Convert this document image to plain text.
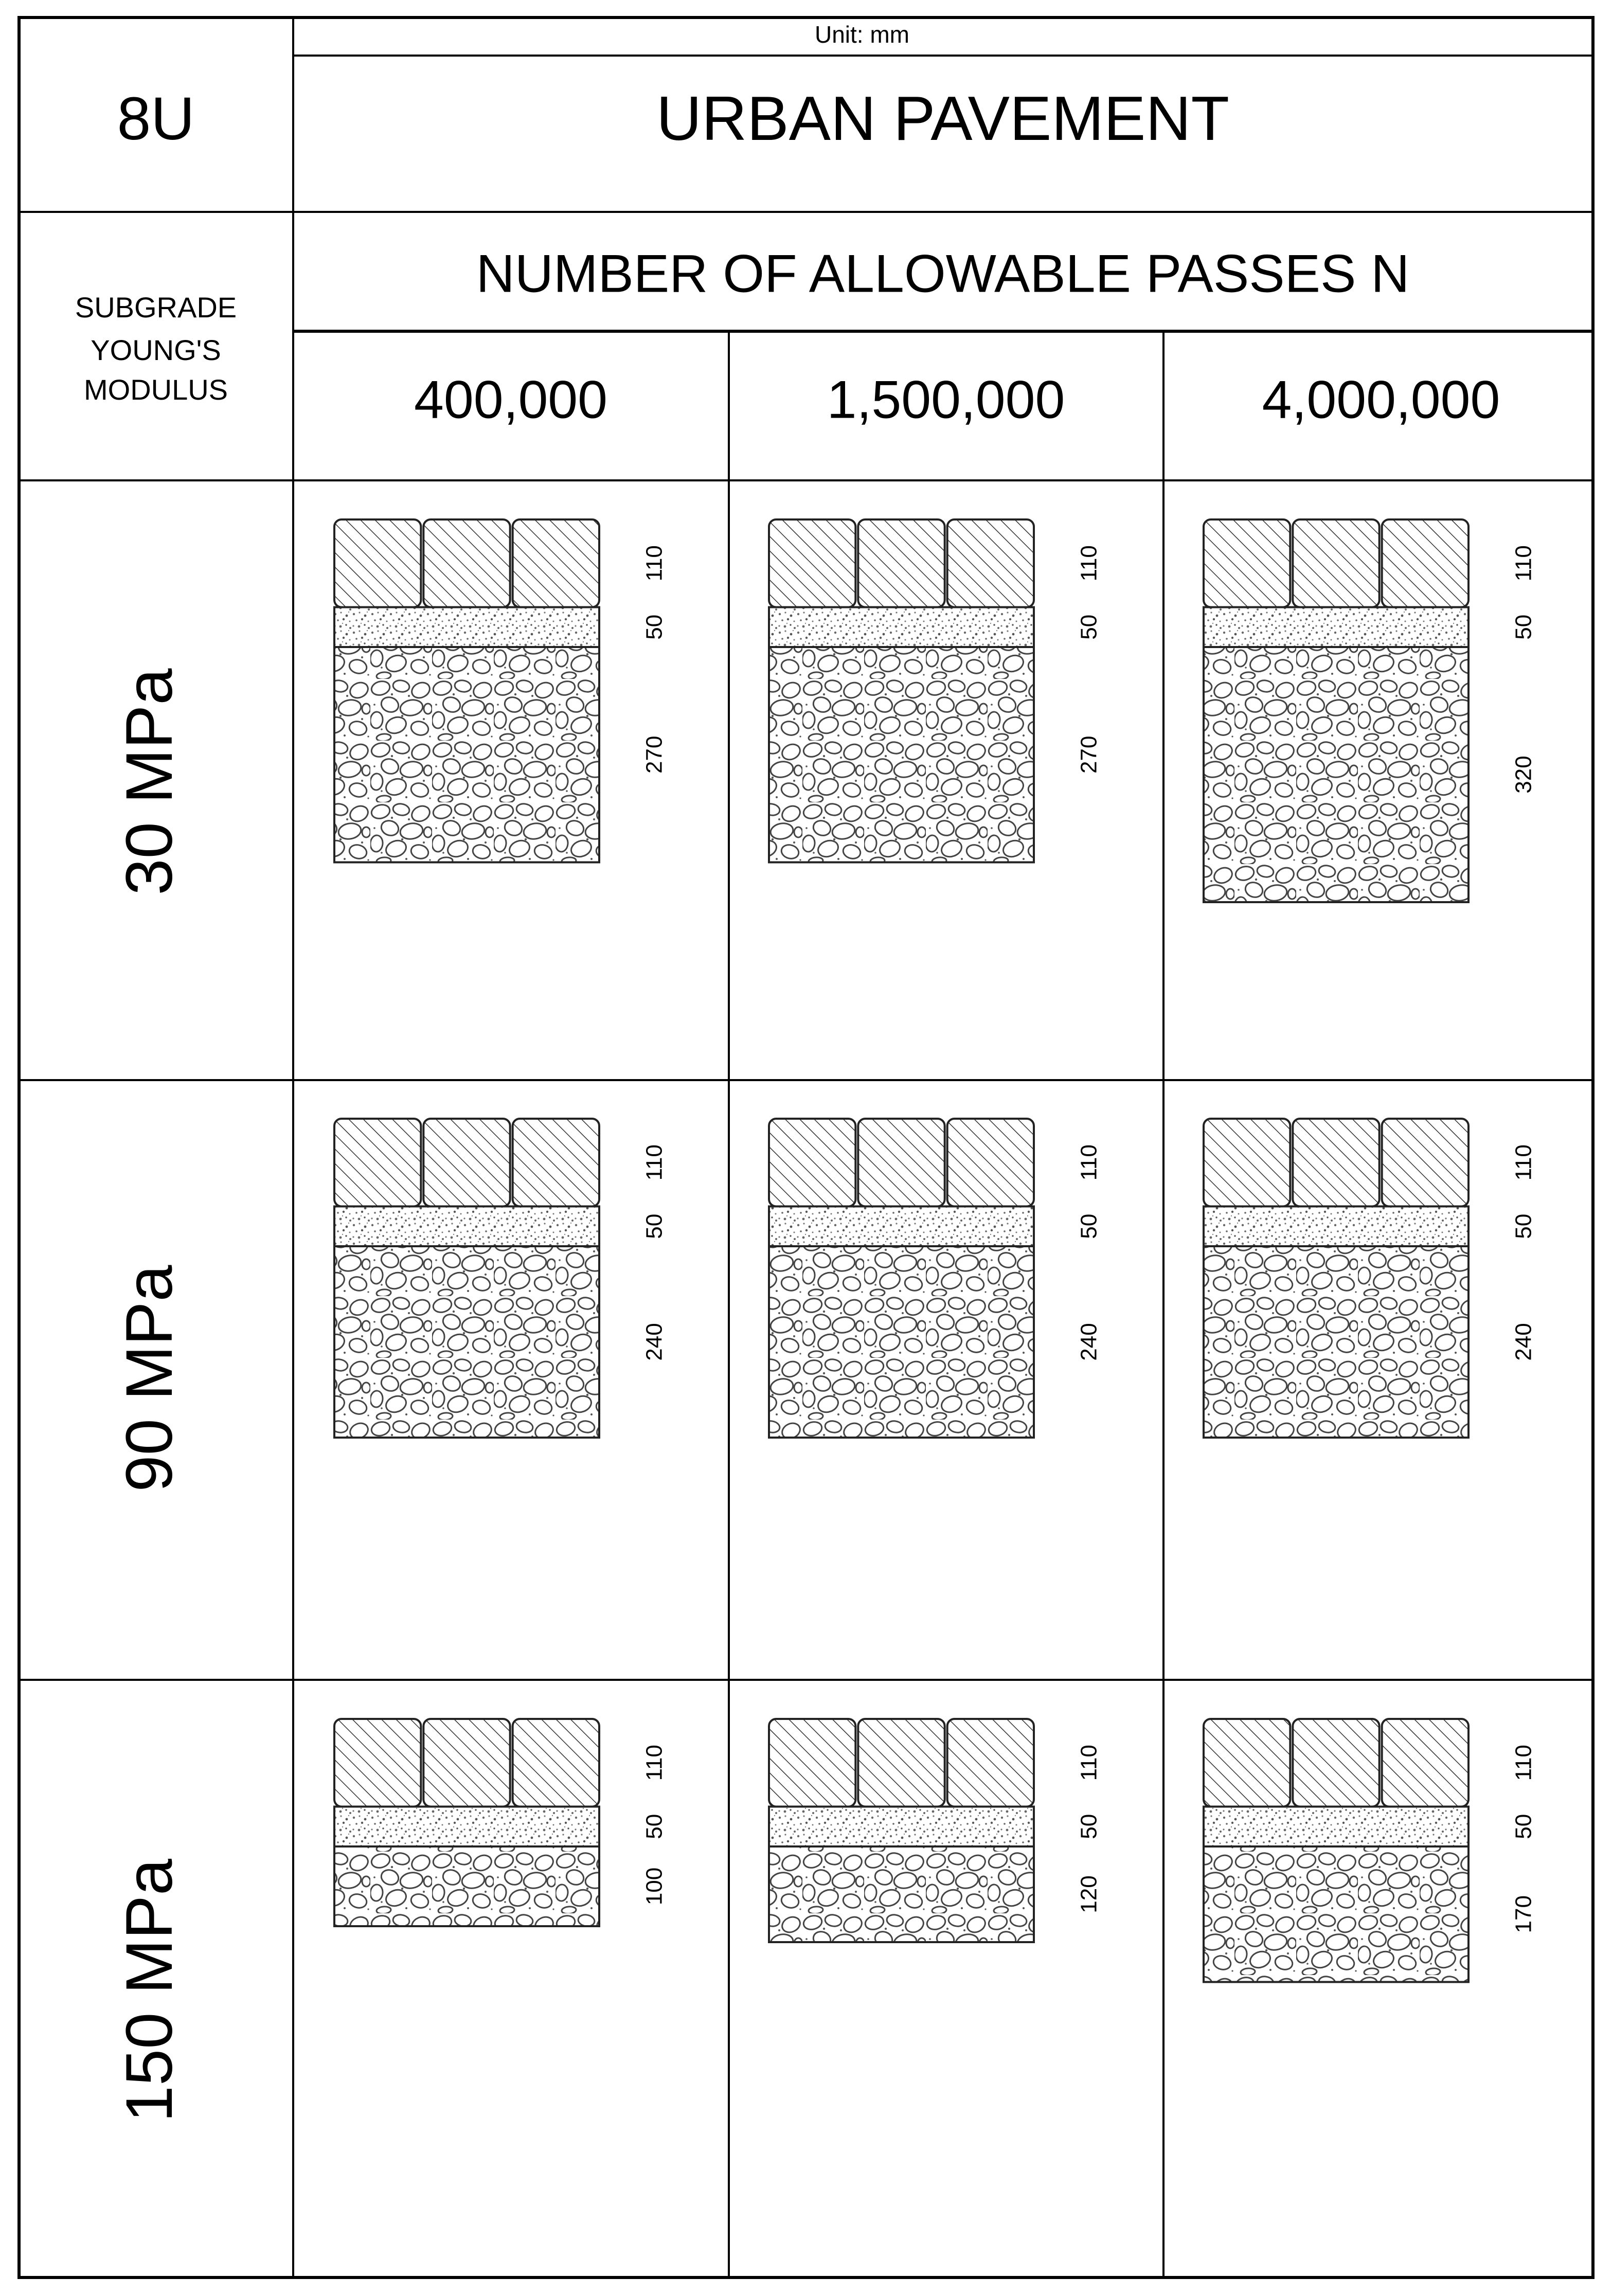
8U
Unit: mm
URBAN PAVEMENT
SUBGRADE
YOUNG'S
MODULUS
NUMBER OF ALLOWABLE PASSES N
400,000	1,500,000	4,000,000
30 MPa
90 MPa
150 MPa
110
50
270
110
50
270
110
50
320
110
50
240
110
50
240
110
50
240
110
50
100
110
50
120
110
50
170
